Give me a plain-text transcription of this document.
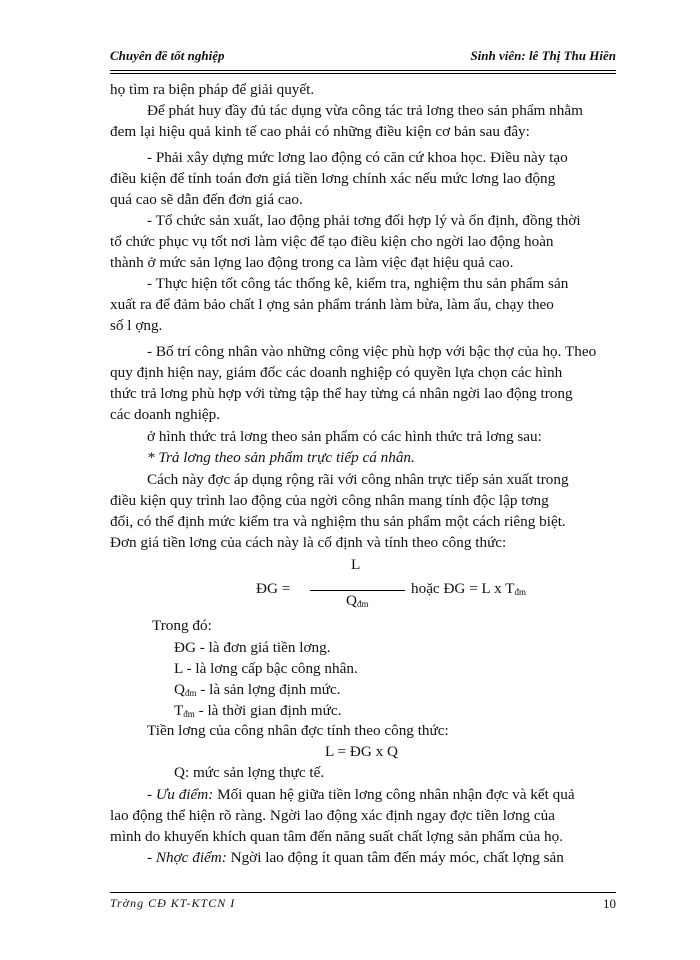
Chuyên đề tốt nghiệp	Sinh viên: lê Thị Thu Hiền
họ tìm ra biện pháp để giải quyết.
Để phát huy đầy đủ tác dụng vừa công tác trả lơng theo sản phẩm nhằm
đem lại hiệu quả kinh tế cao phải có những điều kiện cơ bản sau đây:
- Phải xây dựng mức lơng lao động có căn cứ khoa học. Điều này tạo
điều kiện để tính toán đơn giá tiền lơng chính xác nếu mức lơng lao động
quá cao sẽ dẫn đến đơn giá cao.
- Tổ chức sản xuất, lao động phải tơng đối hợp lý và ổn định, đồng thời
tổ chức phục vụ tốt nơi làm việc để tạo điều kiện cho ngời lao động hoàn
thành ở mức sản lợng lao động trong ca làm việc đạt hiệu quả cao.
- Thực hiện tốt công tác thống kê, kiểm tra, nghiệm thu sản phẩm sản
xuất ra để đảm bảo chất l ợng sản phẩm tránh làm bừa, làm ẩu, chạy theo
số l ợng.
- Bố trí công nhân vào những công việc phù hợp với bậc thợ của họ. Theo
quy định hiện nay, giám đốc các doanh nghiệp có quyền lựa chọn các hình
thức trả lơng phù hợp với từng tập thể hay từng cá nhân ngời lao động trong
các doanh nghiệp.
ở hình thức trả lơng theo sản phẩm có các hình thức trả lơng sau:
* Trả lơng theo sản phẩm trực tiếp cá nhân.
Cách này đợc áp dụng rộng rãi với công nhân trực tiếp sản xuất trong
điều kiện quy trình lao động của ngời công nhân mang tính độc lập tơng
đối, có thể định mức kiểm tra và nghiệm thu sản phẩm một cách riêng biệt.
Đơn giá tiền lơng của cách này là cố định và tính theo công thức:
L
ĐG =
$Q_{đm}$
hoặc ĐG = L x $T_{đm}$
Trong đó:
ĐG - là đơn giá tiền lơng.
L - là lơng cấp bậc công nhân.
$Q_{đm}$ - là sản lợng định mức.
$T_{đm}$ - là thời gian định mức.
Tiền lơng của công nhân đợc tính theo công thức:
L = ĐG x Q
Q: mức sản lợng thực tế.
- Ưu điểm: Mối quan hệ giữa tiền lơng công nhân nhận đợc và kết quả
lao động thể hiện rõ ràng. Ngời lao động xác định ngay đợc tiền lơng của
mình do khuyến khích quan tâm đến năng suất chất lợng sản phẩm của họ.
- Nhợc điểm: Ngời lao động ít quan tâm đến máy móc, chất lợng sản
Trờng CĐ KT-KTCN I	10
